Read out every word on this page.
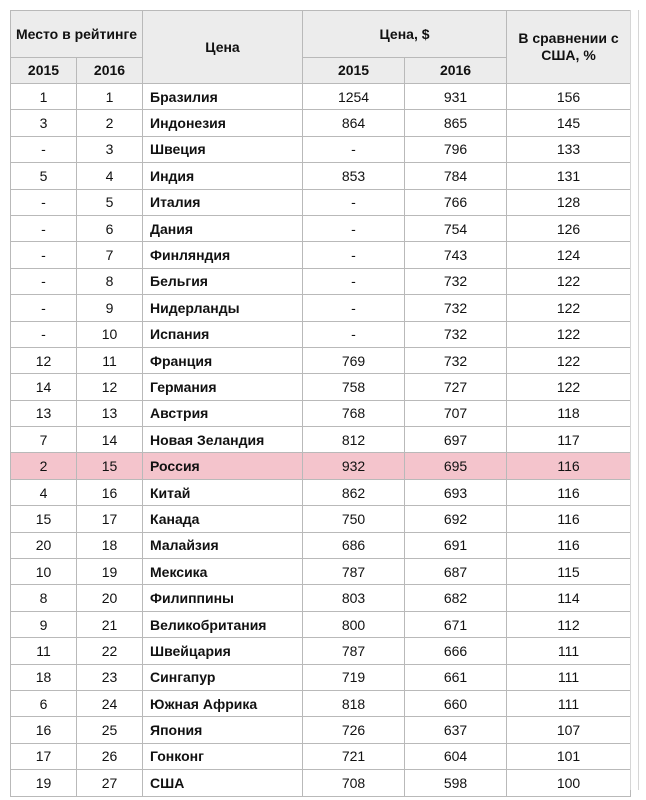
Место в рейтинге		Цена	Цена, $		В сравнении с США, %
2015	2016		2015	2016	
1	1	Бразилия	1254	931	156
3	2	Индонезия	864	865	145
-	3	Швеция	-	796	133
5	4	Индия	853	784	131
-	5	Италия	-	766	128
-	6	Дания	-	754	126
-	7	Финляндия	-	743	124
-	8	Бельгия	-	732	122
-	9	Нидерланды	-	732	122
-	10	Испания	-	732	122
12	11	Франция	769	732	122
14	12	Германия	758	727	122
13	13	Австрия	768	707	118
7	14	Новая Зеландия	812	697	117
2	15	Россия	932	695	116
4	16	Китай	862	693	116
15	17	Канада	750	692	116
20	18	Малайзия	686	691	116
10	19	Мексика	787	687	115
8	20	Филиппины	803	682	114
9	21	Великобритания	800	671	112
11	22	Швейцария	787	666	111
18	23	Сингапур	719	661	111
6	24	Южная Африка	818	660	111
16	25	Япония	726	637	107
17	26	Гонконг	721	604	101
19	27	США	708	598	100
